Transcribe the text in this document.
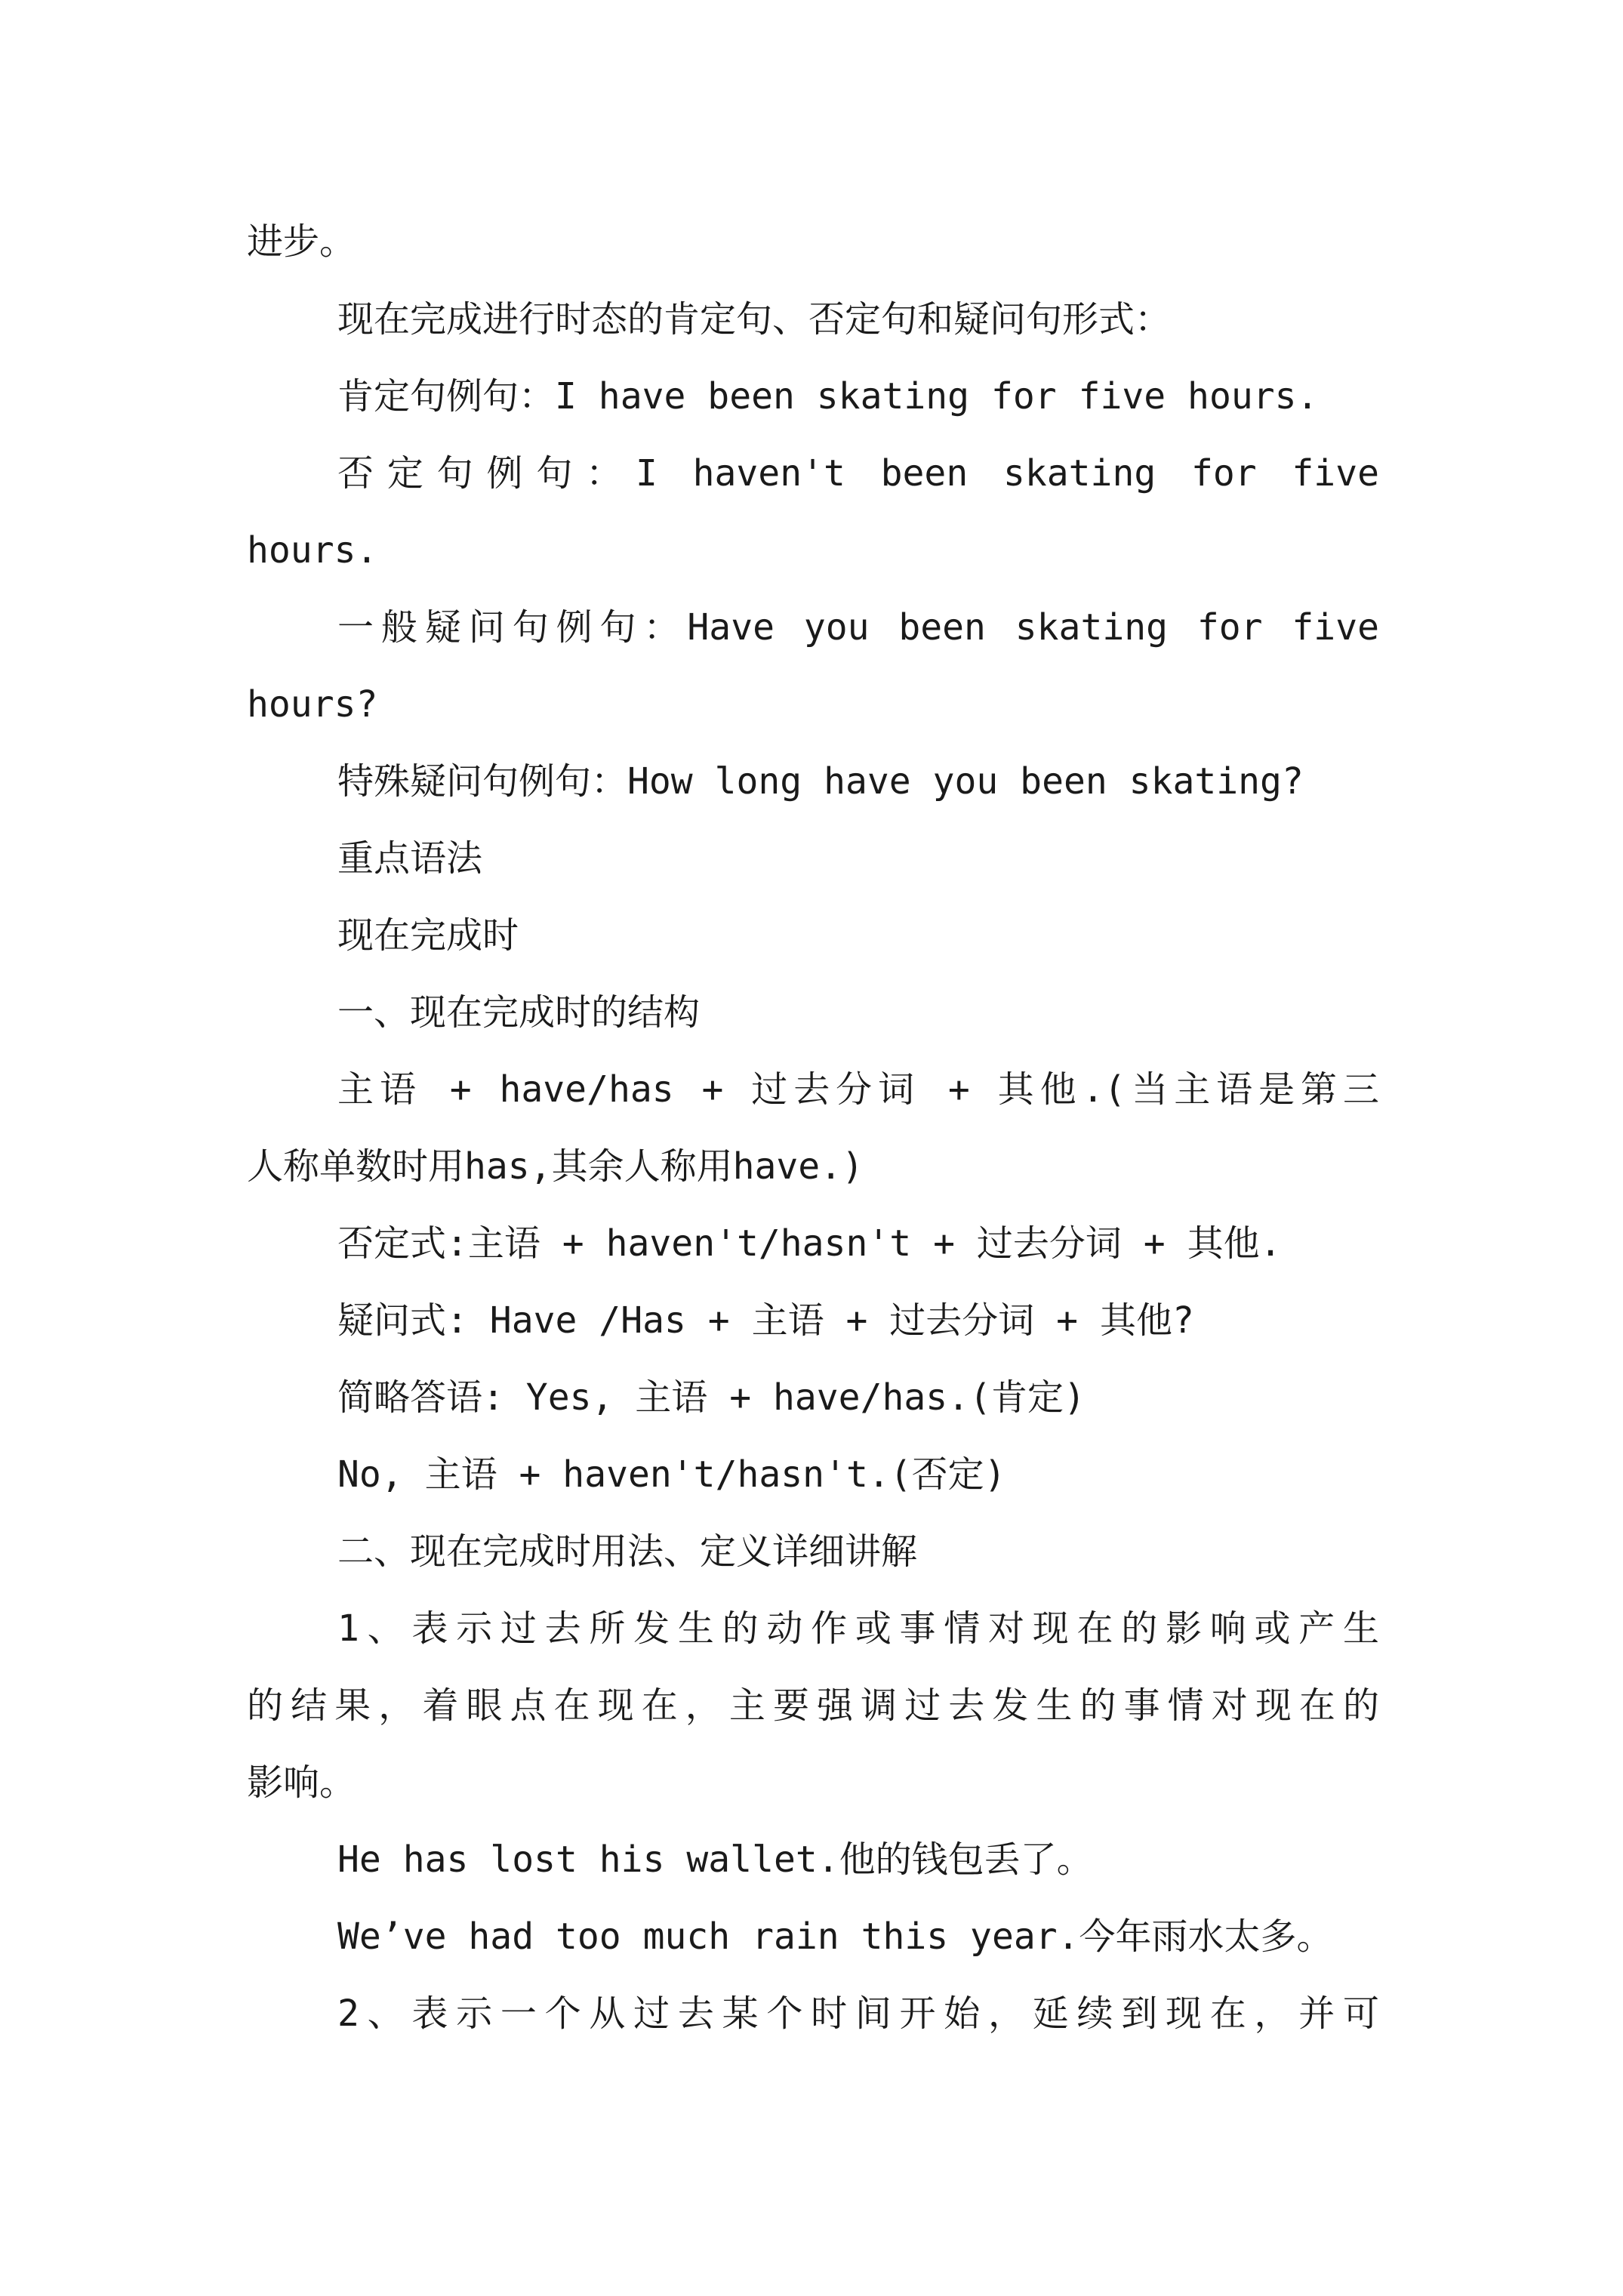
进步。

现在完成进行时态的肯定句、否定句和疑问句形式：

肯定句例句：I have been skating for five hours.

否定句例句：I haven't been skating for five

hours.

一般疑问句例句：Have you been skating for five

hours?

特殊疑问句例句：How long have you been skating?

重点语法

现在完成时

一、现在完成时的结构

主语 + have/has + 过去分词 + 其他.(当主语是第三

人称单数时用has,其余人称用have.)

否定式:主语 + haven't/hasn't + 过去分词 + 其他.

疑问式: Have /Has + 主语 + 过去分词 + 其他?

简略答语: Yes, 主语 + have/has.(肯定)

No, 主语 + haven't/hasn't.(否定)

二、现在完成时用法、定义详细讲解

1、表示过去所发生的动作或事情对现在的影响或产生

的结果，着眼点在现在，主要强调过去发生的事情对现在的

影响。

He has lost his wallet.他的钱包丢了。

We’ve had too much rain this year.今年雨水太多。

2、表示一个从过去某个时间开始，延续到现在，并可
